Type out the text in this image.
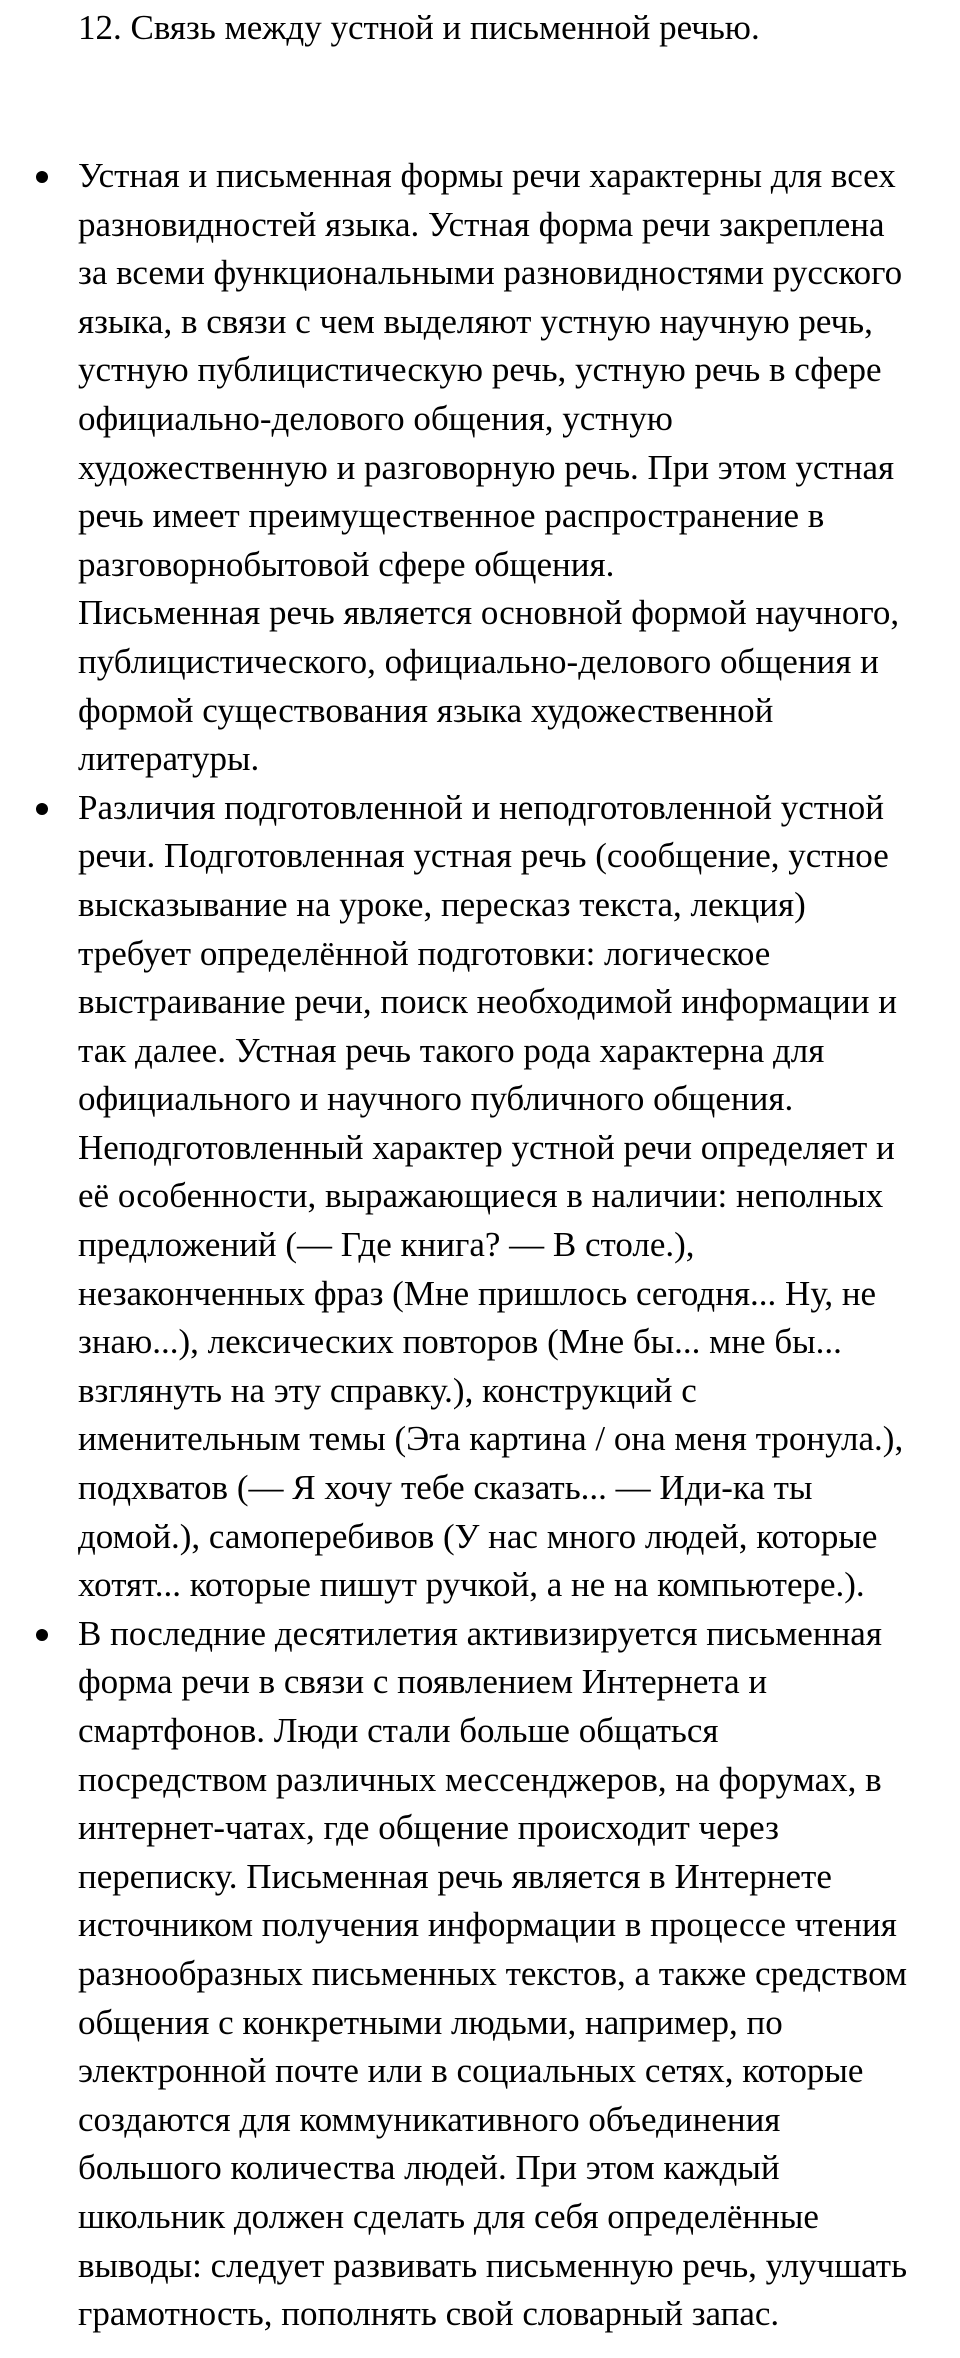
12. Связь между устной и письменной речью.

Устная и письменная формы речи характерны для всех
разновидностей языка. Устная форма речи закреплена
за всеми функциональными разновидностями русского
языка, в связи с чем выделяют устную научную речь,
устную публицистическую речь, устную речь в сфере
официально-делового общения, устную
художественную и разговорную речь. При этом устная
речь имеет преимущественное распространение в
разговорнобытовой сфере общения.
Письменная речь является основной формой научного,
публицистического, официально-делового общения и
формой существования языка художественной
литературы.

Различия подготовленной и неподготовленной устной
речи. Подготовленная устная речь (сообщение, устное
высказывание на уроке, пересказ текста, лекция)
требует определённой подготовки: логическое
выстраивание речи, поиск необходимой информации и
так далее. Устная речь такого рода характерна для
официального и научного публичного общения.
Неподготовленный характер устной речи определяет и
её особенности, выражающиеся в наличии: неполных
предложений (— Где книга? — В столе.),
незаконченных фраз (Мне пришлось сегодня... Ну, не
знаю...), лексических повторов (Мне бы... мне бы...
взглянуть на эту справку.), конструкций с
именительным темы (Эта картина / она меня тронула.),
подхватов (— Я хочу тебе сказать... — Иди-ка ты
домой.), самоперебивов (У нас много людей, которые
хотят... которые пишут ручкой, а не на компьютере.).

В последние десятилетия активизируется письменная
форма речи в связи с появлением Интернета и
смартфонов. Люди стали больше общаться
посредством различных мессенджеров, на форумах, в
интернет-чатах, где общение происходит через
переписку. Письменная речь является в Интернете
источником получения информации в процессе чтения
разнообразных письменных текстов, а также средством
общения с конкретными людьми, например, по
электронной почте или в социальных сетях, которые
создаются для коммуникативного объединения
большого количества людей. При этом каждый
школьник должен сделать для себя определённые
выводы: следует развивать письменную речь, улучшать
грамотность, пополнять свой словарный запас.
